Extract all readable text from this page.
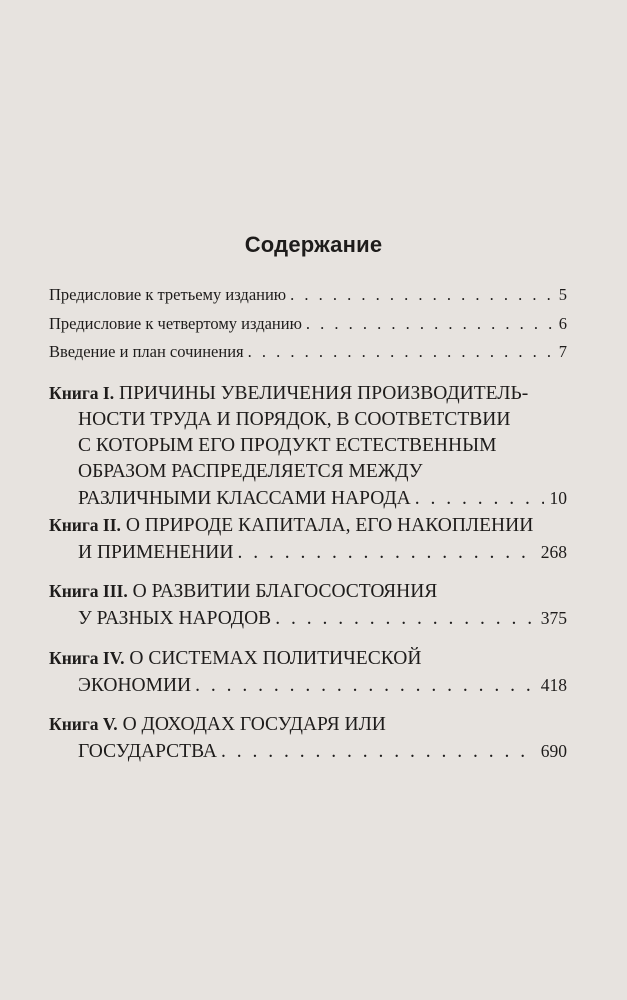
Содержание
Предисловие к третьему изданию . . .	5
Предисловие к четвертому изданию . . .	6
Введение и план сочинения . . .	7
Книга I. ПРИЧИНЫ УВЕЛИЧЕНИЯ ПРОИЗВОДИТЕЛЬ-
НОСТИ ТРУДА И ПОРЯДОК, В СООТВЕТСТВИИ
С КОТОРЫМ ЕГО ПРОДУКТ ЕСТЕСТВЕННЫМ
ОБРАЗОМ РАСПРЕДЕЛЯЕТСЯ МЕЖДУ
РАЗЛИЧНЫМИ КЛАССАМИ НАРОДА . . .	10
Книга II. О ПРИРОДЕ КАПИТАЛА, ЕГО НАКОПЛЕНИИ
И ПРИМЕНЕНИИ . . .	268
Книга III. О РАЗВИТИИ БЛАГОСОСТОЯНИЯ
У РАЗНЫХ НАРОДОВ . . .	375
Книга IV. О СИСТЕМАХ ПОЛИТИЧЕСКОЙ
ЭКОНОМИИ . . .	418
Книга V. О ДОХОДАХ ГОСУДАРЯ ИЛИ
ГОСУДАРСТВА . . .	690
